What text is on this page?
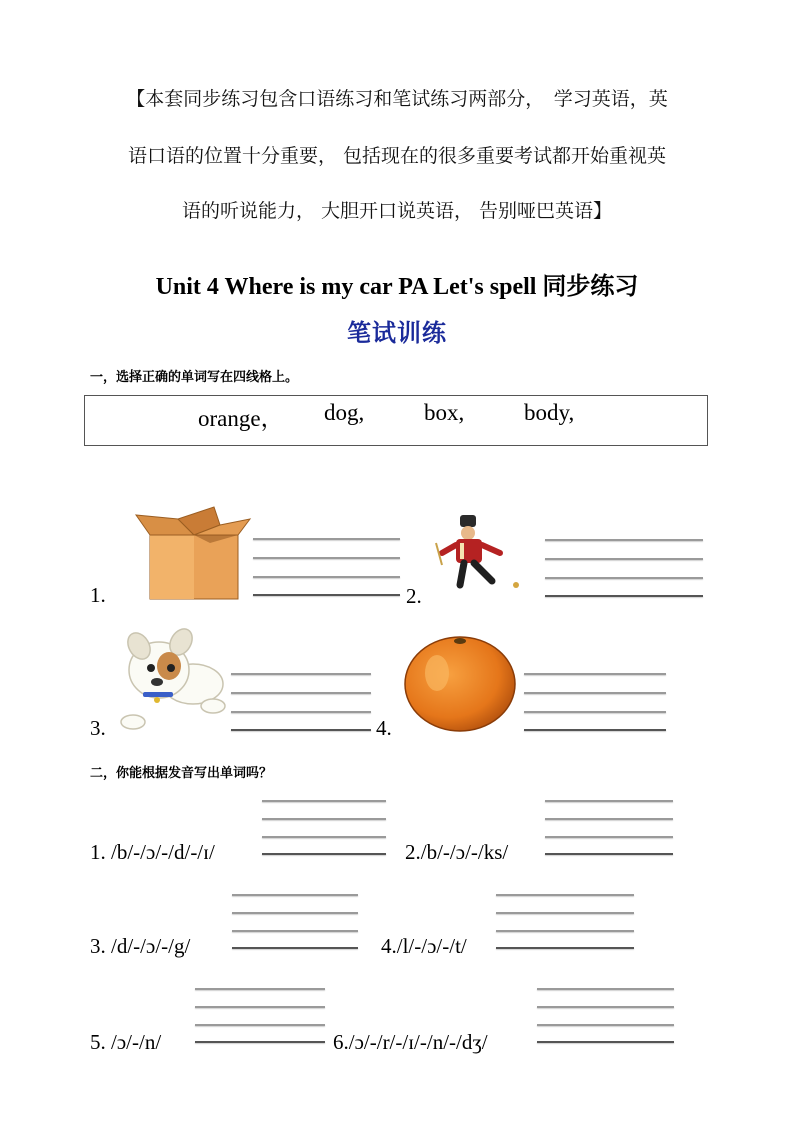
【本套同步练习包含口语练习和笔试练习两部分，　学习英语，英
语口语的位置十分重要， 包括现在的很多重要考试都开始重视英
语的听说能力， 大胆开口说英语， 告别哑巴英语】
Unit 4 Where is my car PA Let's spell 同步练习
笔试训练
一，选择正确的单词写在四线格上。
orange， dog,	box,	body,
1.	2.
3.	4.
二，你能根据发音写出单词吗？
1. /b/-/ɔ/-/d/-/ɪ/	2./b/-/ɔ/-/ks/
3. /d/-/ɔ/-/g/	4./l/-/ɔ/-/t/
5. /ɔ/-/n/	6./ɔ/-/r/-/ɪ/-/n/-/dʒ/
